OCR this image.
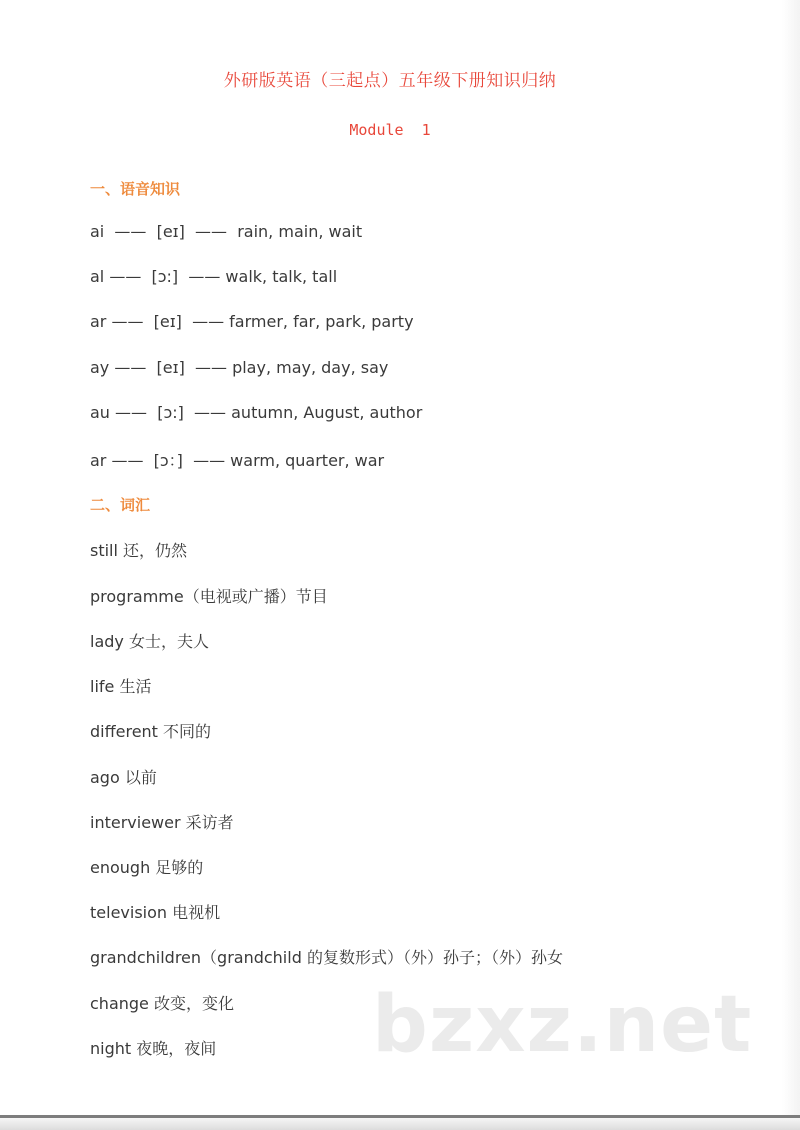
外研版英语（三起点）五年级下册知识归纳
Module  1
一、语音知识
ai  ——  [eɪ]  ——  rain, main, wait
al ——  [ɔ:]  —— walk, talk, tall
ar ——  [eɪ]  —— farmer, far, park, party
ay ——  [eɪ]  —— play, may, day, say
au ——  [ɔ:]  —— autumn, August, author
ar ——  [ɔ：]  —— warm, quarter, war
二、词汇
still 还，仍然
programme（电视或广播）节目
lady 女士，夫人
life 生活
different 不同的
ago 以前
interviewer 采访者
enough 足够的
television 电视机
grandchildren（grandchild 的复数形式）（外）孙子；（外）孙女
change 改变，变化
night 夜晚，夜间 bzxz.net
